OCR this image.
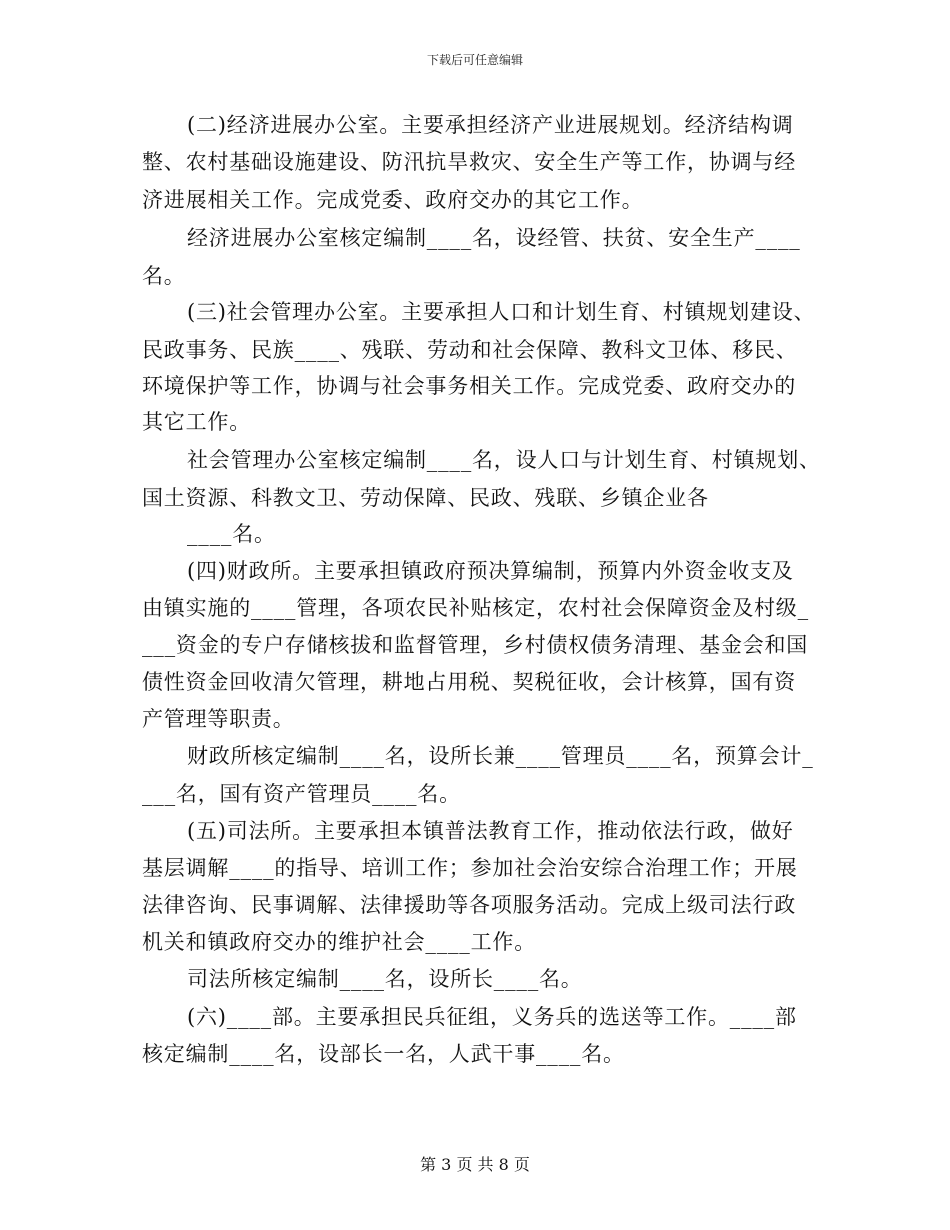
下载后可任意编辑
(二)经济进展办公室。主要承担经济产业进展规划。经济结构调
整、农村基础设施建设、防汛抗旱救灾、安全生产等工作，协调与经
济进展相关工作。完成党委、政府交办的其它工作。
经济进展办公室核定编制____名，设经管、扶贫、安全生产____
名。
(三)社会管理办公室。主要承担人口和计划生育、村镇规划建设、
民政事务、民族____、残联、劳动和社会保障、教科文卫体、移民、
环境保护等工作，协调与社会事务相关工作。完成党委、政府交办的
其它工作。
社会管理办公室核定编制____名，设人口与计划生育、村镇规划、
国土资源、科教文卫、劳动保障、民政、残联、乡镇企业各
____名。
(四)财政所。主要承担镇政府预决算编制，预算内外资金收支及
由镇实施的____管理，各项农民补贴核定，农村社会保障资金及村级_
___资金的专户存储核拔和监督管理，乡村债权债务清理、基金会和国
债性资金回收清欠管理，耕地占用税、契税征收，会计核算，国有资
产管理等职责。
财政所核定编制____名，设所长兼____管理员____名，预算会计_
___名，国有资产管理员____名。
(五)司法所。主要承担本镇普法教育工作，推动依法行政，做好
基层调解____的指导、培训工作；参加社会治安综合治理工作；开展
法律咨询、民事调解、法律援助等各项服务活动。完成上级司法行政
机关和镇政府交办的维护社会____工作。
司法所核定编制____名，设所长____名。
(六)____部。主要承担民兵征组，义务兵的选送等工作。____部
核定编制____名，设部长一名，人武干事____名。
第 3 页 共 8 页
